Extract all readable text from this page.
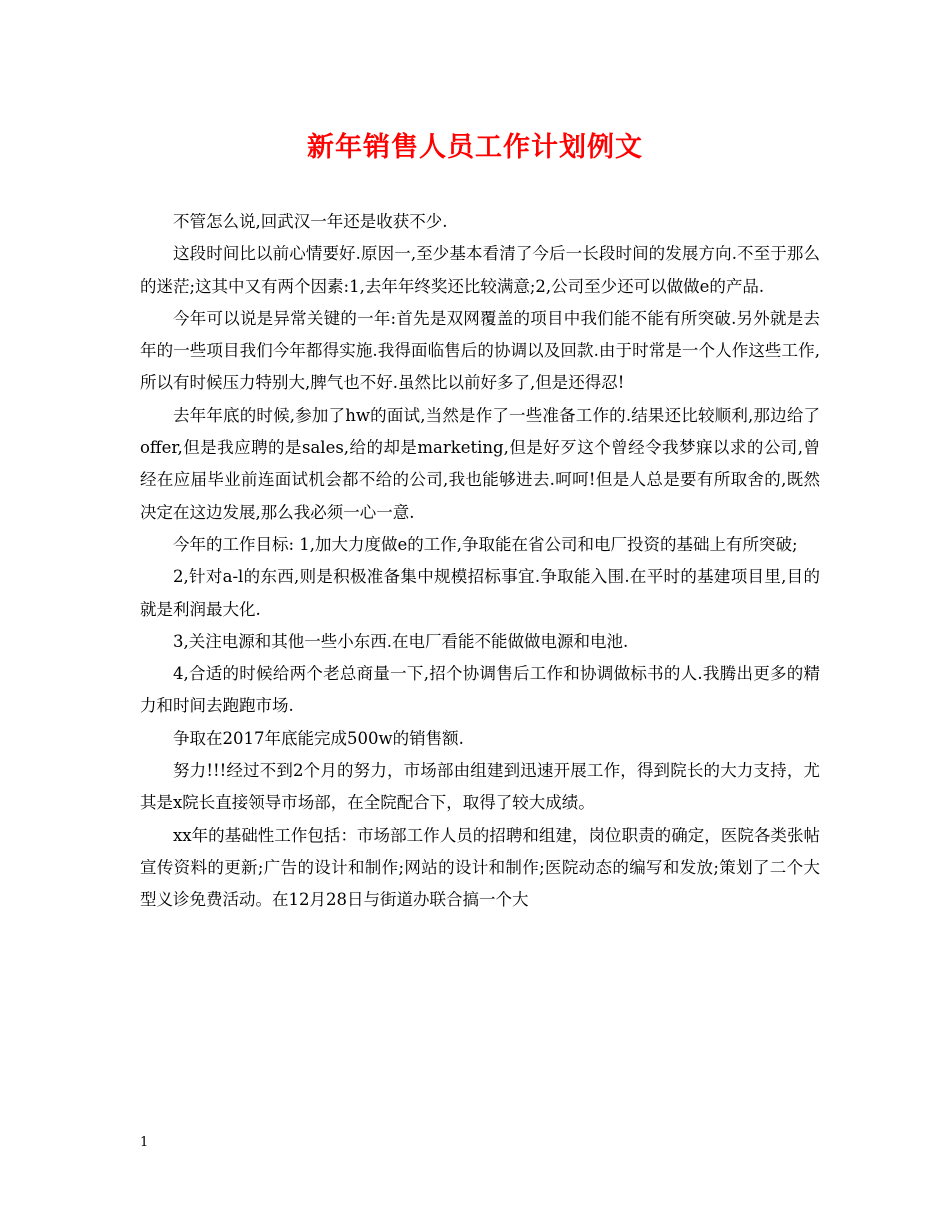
新年销售人员工作计划例文

不管怎么说,回武汉一年还是收获不少.

这段时间比以前心情要好.原因一,至少基本看清了今后一长段时间的发展方向.不至于那么的迷茫;这其中又有两个因素:1,去年年终奖还比较满意;2,公司至少还可以做做e的产品.

今年可以说是异常关键的一年:首先是双网覆盖的项目中我们能不能有所突破.另外就是去年的一些项目我们今年都得实施.我得面临售后的协调以及回款.由于时常是一个人作这些工作,所以有时候压力特别大,脾气也不好.虽然比以前好多了,但是还得忍!

去年年底的时候,参加了hw的面试,当然是作了一些准备工作的.结果还比较顺利,那边给了offer,但是我应聘的是sales,给的却是marketing,但是好歹这个曾经令我梦寐以求的公司,曾经在应届毕业前连面试机会都不给的公司,我也能够进去.呵呵!但是人总是要有所取舍的,既然决定在这边发展,那么我必须一心一意.

今年的工作目标: 1,加大力度做e的工作,争取能在省公司和电厂投资的基础上有所突破;

2,针对a-l的东西,则是积极准备集中规模招标事宜.争取能入围.在平时的基建项目里,目的就是利润最大化.

3,关注电源和其他一些小东西.在电厂看能不能做做电源和电池.

4,合适的时候给两个老总商量一下,招个协调售后工作和协调做标书的人.我腾出更多的精力和时间去跑跑市场.

争取在2017年底能完成500w的销售额.

努力!!!经过不到2个月的努力，市场部由组建到迅速开展工作，得到院长的大力支持，尤其是x院长直接领导市场部，在全院配合下，取得了较大成绩。

xx年的基础性工作包括：市场部工作人员的招聘和组建，岗位职责的确定，医院各类张帖宣传资料的更新;广告的设计和制作;网站的设计和制作;医院动态的编写和发放;策划了二个大型义诊免费活动。在12月28日与街道办联合搞一个大

1
